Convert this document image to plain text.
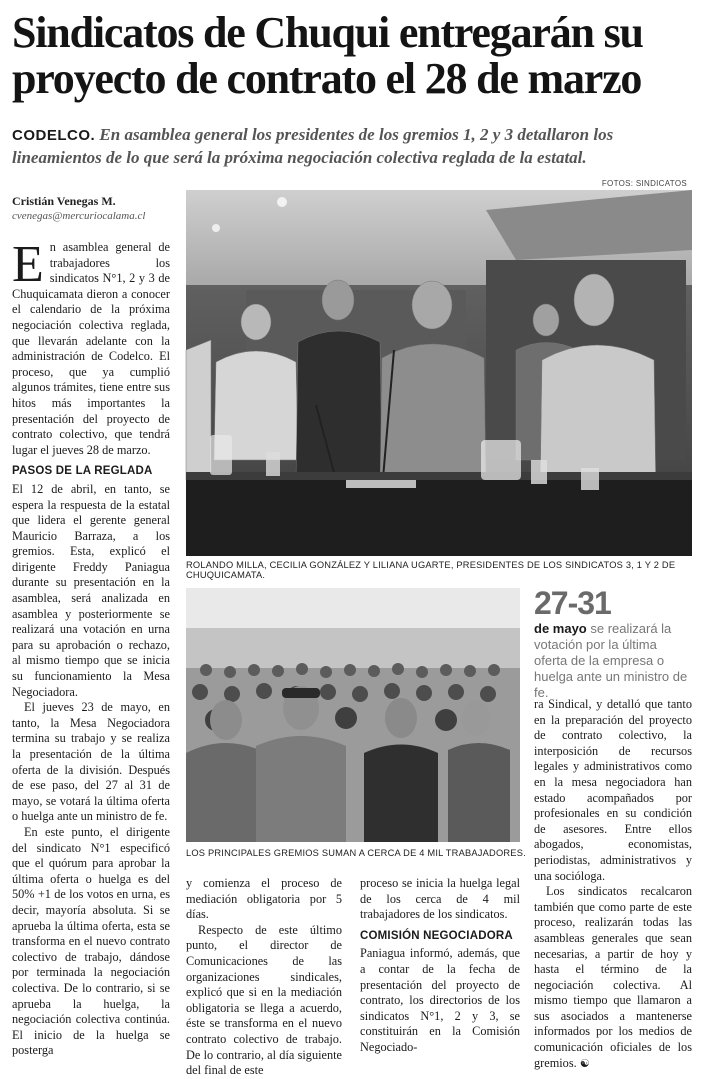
Sindicatos de Chuqui entregarán su proyecto de contrato el 28 de marzo
CODELCO. En asamblea general los presidentes de los gremios 1, 2 y 3 detallaron los lineamientos de lo que será la próxima negociación colectiva reglada de la estatal.
Cristián Venegas M.
cvenegas@mercuriocalama.cl
FOTOS: SINDICATOS
ROLANDO MILLA, CECILIA GONZÁLEZ Y LILIANA UGARTE, PRESIDENTES DE LOS SINDICATOS 3, 1 Y 2 DE CHUQUICAMATA.
LOS PRINCIPALES GREMIOS SUMAN A CERCA DE 4 MIL TRABAJADORES.
27-31
de mayo se realizará la votación por la última oferta de la empresa o huelga ante un ministro de fe.

En asamblea general de trabajadores los sindicatos N°1, 2 y 3 de Chuquicamata dieron a conocer el calendario de la próxima negociación colectiva reglada, que llevarán adelante con la administración de Codelco. El proceso, que ya cumplió algunos trámites, tiene entre sus hitos más importantes la presentación del proyecto de contrato colectivo, que tendrá lugar el jueves 28 de marzo.

PASOS DE LA REGLADA

El 12 de abril, en tanto, se espera la respuesta de la estatal que lidera el gerente general Mauricio Barraza, a los gremios. Esta, explicó el dirigente Freddy Paniagua durante su presentación en la asamblea, será analizada en asamblea y posteriormente se realizará una votación en urna para su aprobación o rechazo, al mismo tiempo que se inicia su funcionamiento la Mesa Negociadora.

El jueves 23 de mayo, en tanto, la Mesa Negociadora termina su trabajo y se realiza la presentación de la última oferta de la división. Después de ese paso, del 27 al 31 de mayo, se votará la última oferta o huelga ante un ministro de fe.

En este punto, el dirigente del sindicato N°1 especificó que el quórum para aprobar la última oferta o huelga es del 50% +1 de los votos en urna, es decir, mayoría absoluta. Si se aprueba la última oferta, esta se transforma en el nuevo contrato colectivo de trabajo, dándose por terminada la negociación colectiva. De lo contrario, si se aprueba la huelga, la negociación colectiva continúa. El inicio de la huelga se posterga

y comienza el proceso de mediación obligatoria por 5 días.

Respecto de este último punto, el director de Comunicaciones de las organizaciones sindicales, explicó que si en la mediación obligatoria se llega a acuerdo, éste se transforma en el nuevo contrato colectivo de trabajo. De lo contrario, al día siguiente del final de este

proceso se inicia la huelga legal de los cerca de 4 mil trabajadores de los sindicatos.

COMISIÓN NEGOCIADORA

Paniagua informó, además, que a contar de la fecha de presentación del proyecto de contrato, los directorios de los sindicatos N°1, 2 y 3, se constituirán en la Comisión Negociado-

ra Sindical, y detalló que tanto en la preparación del proyecto de contrato colectivo, la interposición de recursos legales y administrativos como en la mesa negociadora han estado acompañados por profesionales en su condición de asesores. Entre ellos abogados, economistas, periodistas, administrativos y una socióloga.

Los sindicatos recalcaron también que como parte de este proceso, realizarán todas las asambleas generales que sean necesarias, a partir de hoy y hasta el término de la negociación colectiva. Al mismo tiempo que llamaron a sus asociados a mantenerse informados por los medios de comunicación oficiales de los gremios. ☯
